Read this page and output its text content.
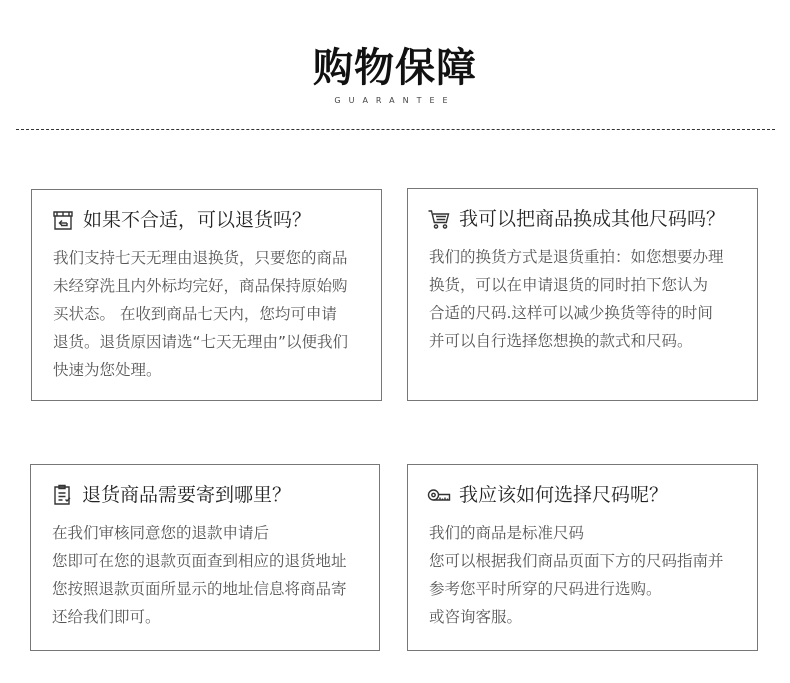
购物保障
GUARANTEE
如果不合适，可以退货吗？

我们支持七天无理由退换货，只要您的商品

未经穿洗且内外标均完好，商品保持原始购

买状态。 在收到商品七天内，您均可申请

退货。退货原因请选“七天无理由”以便我们

快速为您处理。

我可以把商品换成其他尺码吗？

我们的换货方式是退货重拍：如您想要办理

换货，可以在申请退货的同时拍下您认为

合适的尺码.这样可以减少换货等待的时间

并可以自行选择您想换的款式和尺码。

退货商品需要寄到哪里？

在我们审核同意您的退款申请后

您即可在您的退款页面查到相应的退货地址

您按照退款页面所显示的地址信息将商品寄

还给我们即可。

我应该如何选择尺码呢？

我们的商品是标准尺码

您可以根据我们商品页面下方的尺码指南并

参考您平时所穿的尺码进行选购。

或咨询客服。
